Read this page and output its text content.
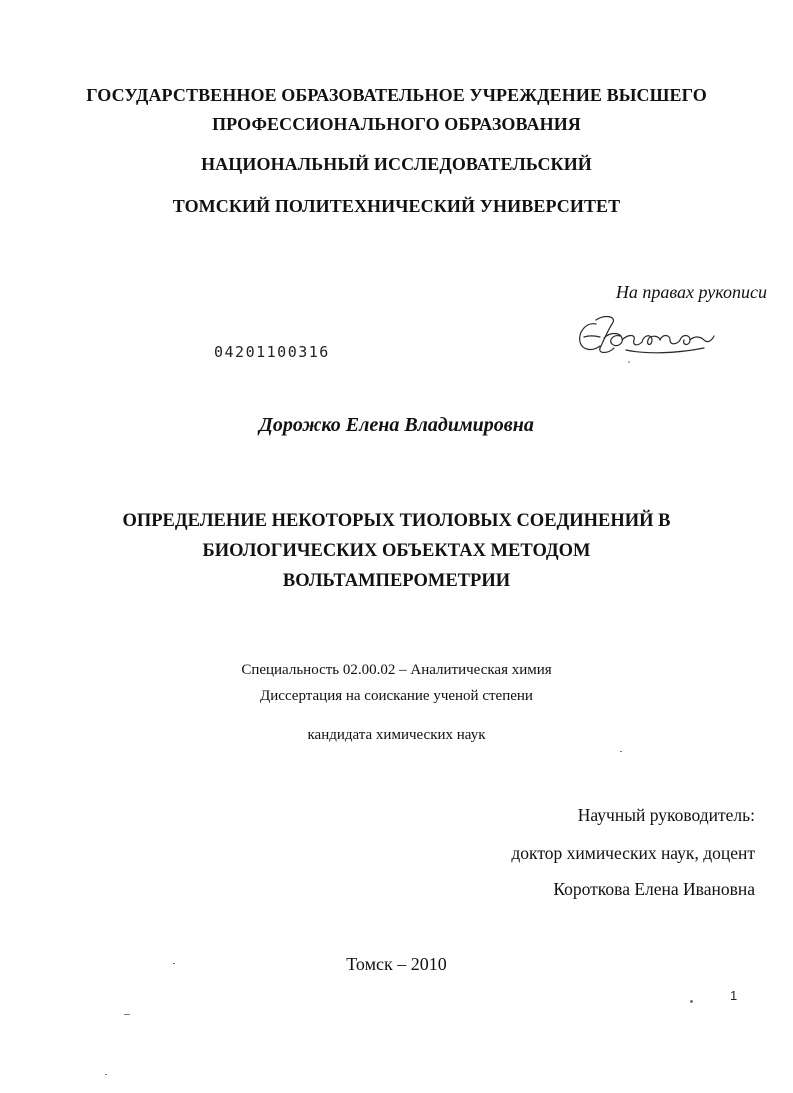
ГОСУДАРСТВЕННОЕ ОБРАЗОВАТЕЛЬНОЕ УЧРЕЖДЕНИЕ ВЫСШЕГО
ПРОФЕССИОНАЛЬНОГО ОБРАЗОВАНИЯ
НАЦИОНАЛЬНЫЙ ИССЛЕДОВАТЕЛЬСКИЙ
ТОМСКИЙ ПОЛИТЕХНИЧЕСКИЙ УНИВЕРСИТЕТ
На правах рукописи
04201100316
Дорожко Елена Владимировна
ОПРЕДЕЛЕНИЕ НЕКОТОРЫХ ТИОЛОВЫХ СОЕДИНЕНИЙ В
БИОЛОГИЧЕСКИХ ОБЪЕКТАХ МЕТОДОМ
ВОЛЬТАМПЕРОМЕТРИИ
Специальность 02.00.02 – Аналитическая химия
Диссертация на соискание ученой степени
кандидата химических наук
Научный руководитель:
доктор химических наук, доцент
Короткова Елена Ивановна
Томск – 2010
1
